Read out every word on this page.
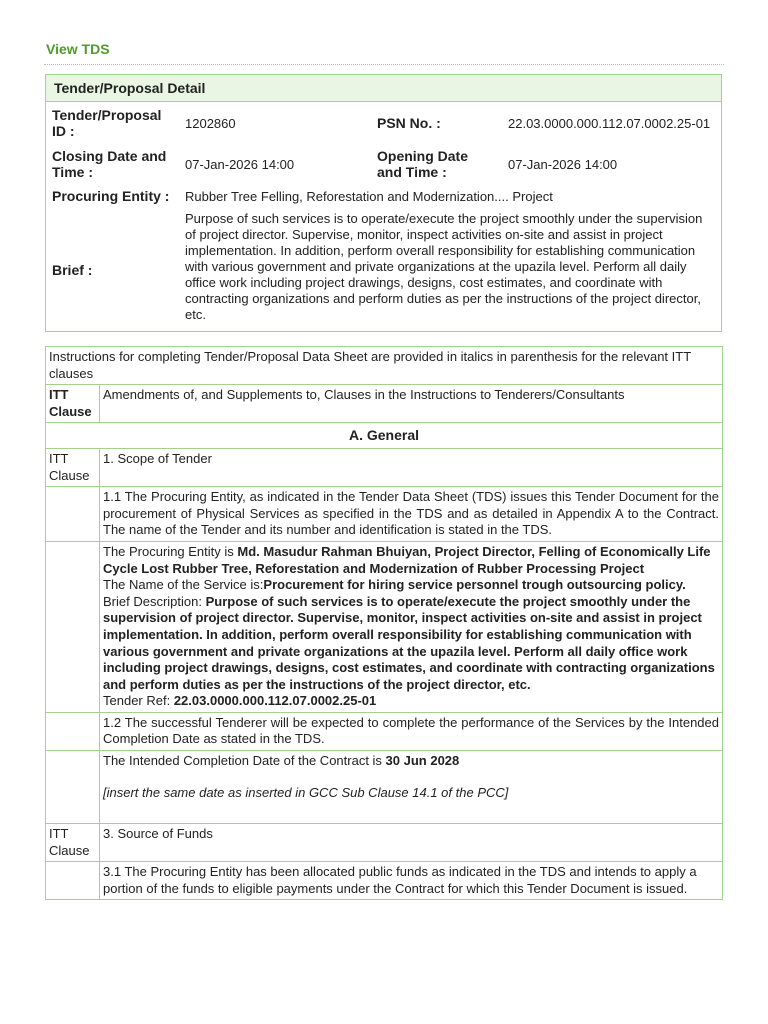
View TDS
Tender/Proposal Detail
Tender/Proposal ID :	1202860	PSN No. :	22.03.0000.000.112.07.0002.25-01
Closing Date and Time :	07-Jan-2026 14:00	Opening Date and Time :	07-Jan-2026 14:00
Procuring Entity :	Rubber Tree Felling, Reforestation and Modernization.... Project		
Brief :	Purpose of such services is to operate/execute the project smoothly under the supervision of project director. Supervise, monitor, inspect activities on-site and assist in project implementation. In addition, perform overall responsibility for establishing communication with various government and private organizations at the upazila level. Perform all daily office work including project drawings, designs, cost estimates, and coordinate with contracting organizations and perform duties as per the instructions of the project director, etc.		
Instructions for completing Tender/Proposal Data Sheet are provided in italics in parenthesis for the relevant ITT clauses	
ITT Clause	Amendments of, and Supplements to, Clauses in the Instructions to Tenderers/Consultants
A. General	
ITT Clause	1. Scope of Tender
	1.1 The Procuring Entity, as indicated in the Tender Data Sheet (TDS) issues this Tender Document for the procurement of Physical Services as specified in the TDS and as detailed in Appendix A to the Contract. The name of the Tender and its number and identification is stated in the TDS.
	The Procuring Entity is Md. Masudur Rahman Bhuiyan, Project Director, Felling of Economically Life Cycle Lost Rubber Tree, Reforestation and Modernization of Rubber Processing Project
The Name of the Service is:Procurement for hiring service personnel trough outsourcing policy.
Brief Description: Purpose of such services is to operate/execute the project smoothly under the supervision of project director. Supervise, monitor, inspect activities on-site and assist in project implementation. In addition, perform overall responsibility for establishing communication with various government and private organizations at the upazila level. Perform all daily office work including project drawings, designs, cost estimates, and coordinate with contracting organizations and perform duties as per the instructions of the project director, etc.
Tender Ref: 22.03.0000.000.112.07.0002.25-01
	1.2 The successful Tenderer will be expected to complete the performance of the Services by the Intended Completion Date as stated in the TDS.

	The Intended Completion Date of the Contract is 30 Jun 2028
[insert the same date as inserted in GCC Sub Clause 14.1 of the PCC]

ITT Clause	3. Source of Funds
	3.1 The Procuring Entity has been allocated public funds as indicated in the TDS and intends to apply a portion of the funds to eligible payments under the Contract for which this Tender Document is issued.
